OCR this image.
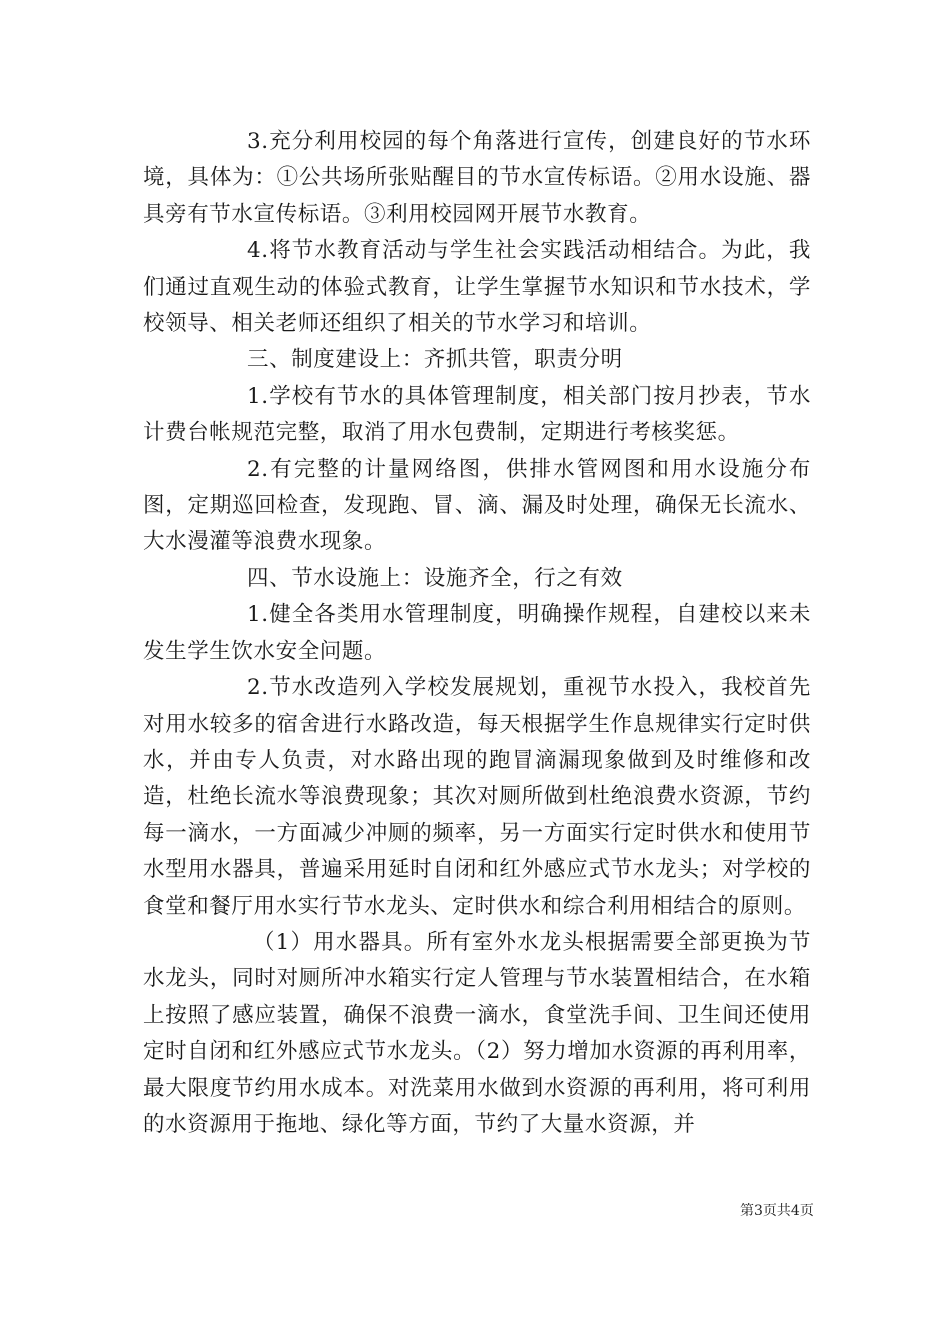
3.充分利用校园的每个角落进行宣传，创建良好的节水环境，具体为：①公共场所张贴醒目的节水宣传标语。②用水设施、器具旁有节水宣传标语。③利用校园网开展节水教育。

4.将节水教育活动与学生社会实践活动相结合。为此，我们通过直观生动的体验式教育，让学生掌握节水知识和节水技术，学校领导、相关老师还组织了相关的节水学习和培训。

三、制度建设上：齐抓共管，职责分明

1.学校有节水的具体管理制度，相关部门按月抄表，节水计费台帐规范完整，取消了用水包费制，定期进行考核奖惩。

2.有完整的计量网络图，供排水管网图和用水设施分布图，定期巡回检查，发现跑、冒、滴、漏及时处理，确保无长流水、大水漫灌等浪费水现象。

四、节水设施上：设施齐全，行之有效

1.健全各类用水管理制度，明确操作规程，自建校以来未发生学生饮水安全问题。

2.节水改造列入学校发展规划，重视节水投入，我校首先对用水较多的宿舍进行水路改造，每天根据学生作息规律实行定时供水，并由专人负责，对水路出现的跑冒滴漏现象做到及时维修和改造，杜绝长流水等浪费现象；其次对厕所做到杜绝浪费水资源，节约每一滴水，一方面减少冲厕的频率，另一方面实行定时供水和使用节水型用水器具，普遍采用延时自闭和红外感应式节水龙头；对学校的食堂和餐厅用水实行节水龙头、定时供水和综合利用相结合的原则。

（1）用水器具。所有室外水龙头根据需要全部更换为节水龙头，同时对厕所冲水箱实行定人管理与节水装置相结合，在水箱上按照了感应装置，确保不浪费一滴水，食堂洗手间、卫生间还使用定时自闭和红外感应式节水龙头。（2）努力增加水资源的再利用率，最大限度节约用水成本。对洗菜用水做到水资源的再利用，将可利用的水资源用于拖地、绿化等方面，节约了大量水资源，并

第3页共4页
